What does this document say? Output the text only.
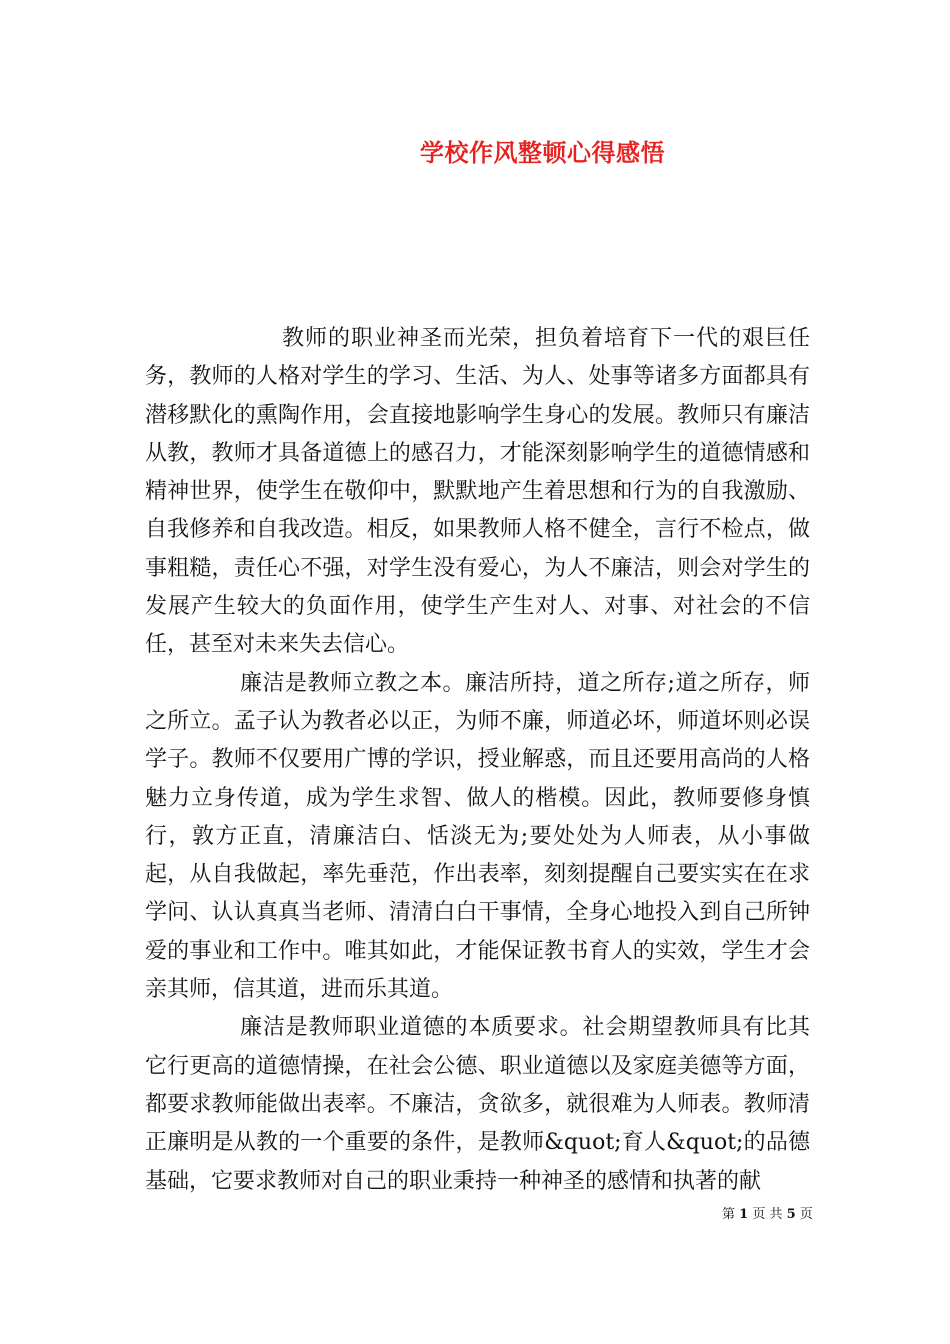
学校作风整顿心得感悟

教师的职业神圣而光荣，担负着培育下一代的艰巨任务，教师的人格对学生的学习、生活、为人、处事等诸多方面都具有潜移默化的熏陶作用，会直接地影响学生身心的发展。教师只有廉洁从教，教师才具备道德上的感召力，才能深刻影响学生的道德情感和精神世界，使学生在敬仰中，默默地产生着思想和行为的自我激励、自我修养和自我改造。相反，如果教师人格不健全，言行不检点，做事粗糙，责任心不强，对学生没有爱心，为人不廉洁，则会对学生的发展产生较大的负面作用，使学生产生对人、对事、对社会的不信任，甚至对未来失去信心。

廉洁是教师立教之本。廉洁所持，道之所存;道之所存，师之所立。孟子认为教者必以正，为师不廉，师道必坏，师道坏则必误学子。教师不仅要用广博的学识，授业解惑，而且还要用高尚的人格魅力立身传道，成为学生求智、做人的楷模。因此，教师要修身慎行，敦方正直，清廉洁白、恬淡无为;要处处为人师表，从小事做起，从自我做起，率先垂范，作出表率，刻刻提醒自己要实实在在求学问、认认真真当老师、清清白白干事情，全身心地投入到自己所钟爱的事业和工作中。唯其如此，才能保证教书育人的实效，学生才会亲其师，信其道，进而乐其道。

廉洁是教师职业道德的本质要求。社会期望教师具有比其它行更高的道德情操，在社会公德、职业道德以及家庭美德等方面，都要求教师能做出表率。不廉洁，贪欲多，就很难为人师表。教师清正廉明是从教的一个重要的条件，是教师&quot;育人&quot;的品德基础，它要求教师对自己的职业秉持一种神圣的感情和执著的献

第 1 页 共 5 页
